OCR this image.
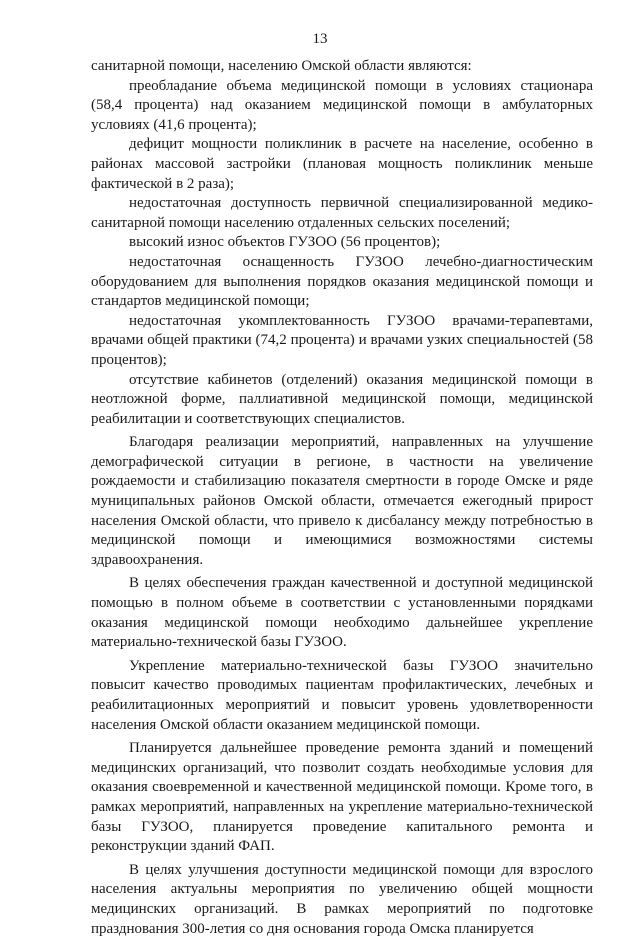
13

санитарной помощи, населению Омской области являются:

преобладание объема медицинской помощи в условиях стационара (58,4 процента) над оказанием медицинской помощи в амбулаторных условиях (41,6 процента);

дефицит мощности поликлиник в расчете на население, особенно в районах массовой застройки (плановая мощность поликлиник меньше фактической в 2 раза);

недостаточная доступность первичной специализированной медико-санитарной помощи населению отдаленных сельских поселений;

высокий износ объектов ГУЗОО (56 процентов);

недостаточная оснащенность ГУЗОО лечебно-диагностическим оборудованием для выполнения порядков оказания медицинской помощи и стандартов медицинской помощи;

недостаточная укомплектованность ГУЗОО врачами-терапевтами, врачами общей практики (74,2 процента) и врачами узких специальностей (58 процентов);

отсутствие кабинетов (отделений) оказания медицинской помощи в неотложной форме, паллиативной медицинской помощи, медицинской реабилитации и соответствующих специалистов.

Благодаря реализации мероприятий, направленных на улучшение демографической ситуации в регионе, в частности на увеличение рождаемости и стабилизацию показателя смертности в городе Омске и ряде муниципальных районов Омской области, отмечается ежегодный прирост населения Омской области, что привело к дисбалансу между потребностью в медицинской помощи и имеющимися возможностями системы здравоохранения.

В целях обеспечения граждан качественной и доступной медицинской помощью в полном объеме в соответствии с установленными порядками оказания медицинской помощи необходимо дальнейшее укрепление материально-технической базы ГУЗОО.

Укрепление материально-технической базы ГУЗОО значительно повысит качество проводимых пациентам профилактических, лечебных и реабилитационных мероприятий и повысит уровень удовлетворенности населения Омской области оказанием медицинской помощи.

Планируется дальнейшее проведение ремонта зданий и помещений медицинских организаций, что позволит создать необходимые условия для оказания своевременной и качественной медицинской помощи. Кроме того, в рамках мероприятий, направленных на укрепление материально-технической базы ГУЗОО, планируется проведение капитального ремонта и реконструкции зданий ФАП.

В целях улучшения доступности медицинской помощи для взрослого населения актуальны мероприятия по увеличению общей мощности медицинских организаций. В рамках мероприятий по подготовке празднования 300-летия со дня основания города Омска планируется
